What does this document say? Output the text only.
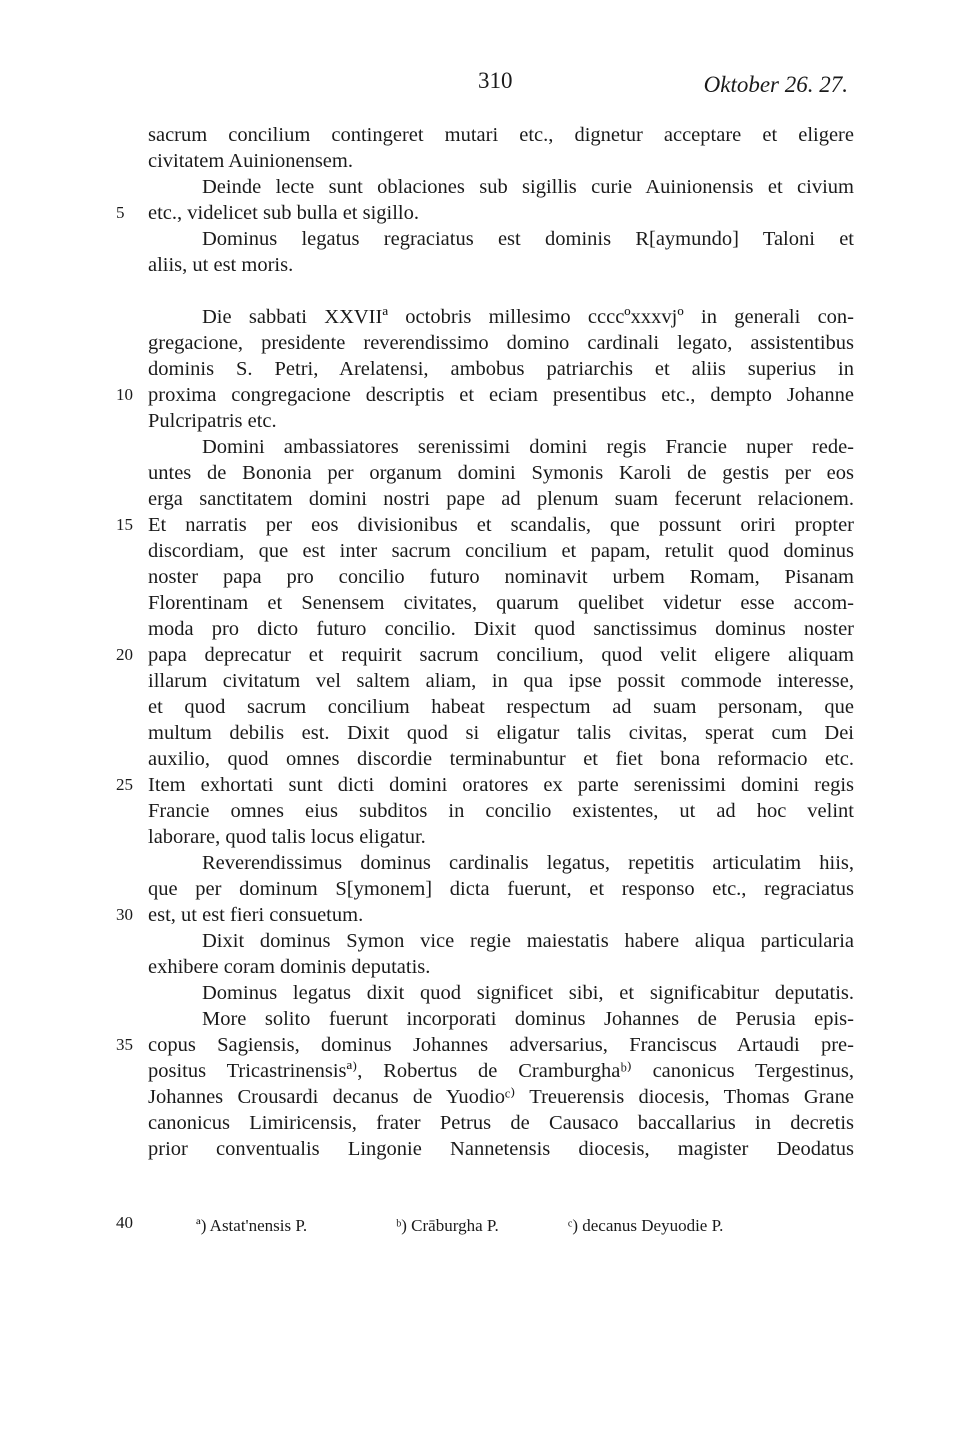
310	Oktober 26. 27.
5
10
15
20
25
30
35
sacrum concilium contingeret mutari etc., dignetur acceptare et eligere
civitatem Auinionensem.
Deinde lecte sunt oblaciones sub sigillis curie Auinionensis et civium
etc., videlicet sub bulla et sigillo.
Dominus legatus regraciatus est dominis R[aymundo] Taloni et
aliis, ut est moris.
Die sabbati XXVIIª octobris millesimo ccccºxxxvjº in generali con-
gregacione, presidente reverendissimo domino cardinali legato, assistentibus
dominis S. Petri, Arelatensi, ambobus patriarchis et aliis superius in
proxima congregacione descriptis et eciam presentibus etc., dempto Johanne
Pulcripatris etc.
Domini ambassiatores serenissimi domini regis Francie nuper rede-
untes de Bononia per organum domini Symonis Karoli de gestis per eos
erga sanctitatem domini nostri pape ad plenum suam fecerunt relacionem.
Et narratis per eos divisionibus et scandalis, que possunt oriri propter
discordiam, que est inter sacrum concilium et papam, retulit quod dominus
noster papa pro concilio futuro nominavit urbem Romam, Pisanam
Florentinam et Senensem civitates, quarum quelibet videtur esse accom-
moda pro dicto futuro concilio. Dixit quod sanctissimus dominus noster
papa deprecatur et requirit sacrum concilium, quod velit eligere aliquam
illarum civitatum vel saltem aliam, in qua ipse possit commode interesse,
et quod sacrum concilium habeat respectum ad suam personam, que
multum debilis est. Dixit quod si eligatur talis civitas, sperat cum Dei
auxilio, quod omnes discordie terminabuntur et fiet bona reformacio etc.
Item exhortati sunt dicti domini oratores ex parte serenissimi domini regis
Francie omnes eius subditos in concilio existentes, ut ad hoc velint
laborare, quod talis locus eligatur.
Reverendissimus dominus cardinalis legatus, repetitis articulatim hiis,
que per dominum S[ymonem] dicta fuerunt, et responso etc., regraciatus
est, ut est fieri consuetum.
Dixit dominus Symon vice regie maiestatis habere aliqua particularia
exhibere coram dominis deputatis.
Dominus legatus dixit quod significet sibi, et significabitur deputatis.
More solito fuerunt incorporati dominus Johannes de Perusia epis-
copus Sagiensis, dominus Johannes adversarius, Franciscus Artaudi pre-
positus Tricastrinensisª⁾, Robertus de Cramburghaᵇ⁾ canonicus Tergestinus,
Johannes Crousardi decanus de Yuodioᶜ⁾ Treuerensis diocesis, Thomas Grane
canonicus Limiricensis, frater Petrus de Causaco baccallarius in decretis
prior conventualis Lingonie Nannetensis diocesis, magister Deodatus
40	ª) Astat'nensis P.	ᵇ) Crāburgha P.	ᶜ) decanus Deyuodie P.
